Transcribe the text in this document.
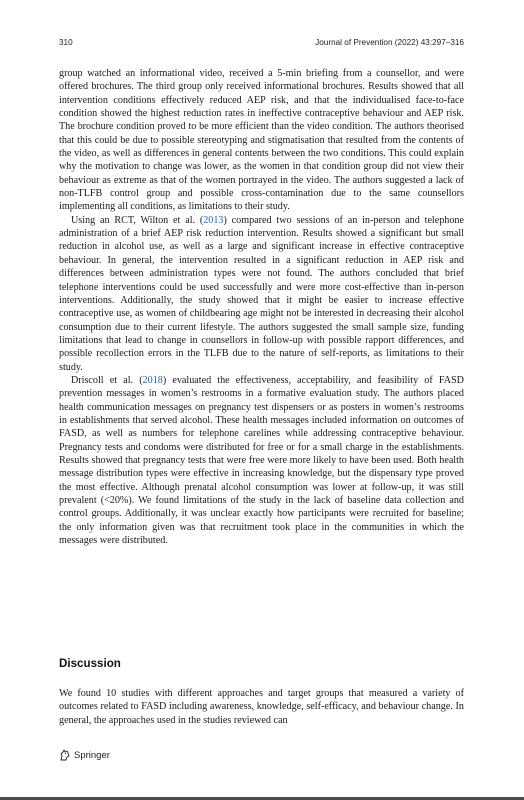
310	Journal of Prevention (2022) 43:297–316

group watched an informational video, received a 5-min briefing from a counsellor, and were offered brochures. The third group only received informational brochures. Results showed that all intervention conditions effectively reduced AEP risk, and that the individualised face-to-face condition showed the highest reduction rates in ineffective contraceptive behaviour and AEP risk. The brochure condition proved to be more efficient than the video condition. The authors theorised that this could be due to possible stereotyping and stigmatisation that resulted from the contents of the video, as well as differences in general contents between the two conditions. This could explain why the motivation to change was lower, as the women in that condition group did not view their behaviour as extreme as that of the women portrayed in the video. The authors suggested a lack of non-TLFB control group and possible cross-contamination due to the same counsellors implementing all conditions, as limitations to their study.

Using an RCT, Wilton et al. (2013) compared two sessions of an in-person and telephone administration of a brief AEP risk reduction intervention. Results showed a significant but small reduction in alcohol use, as well as a large and significant increase in effective contraceptive behaviour. In general, the intervention resulted in a significant reduction in AEP risk and differences between administration types were not found. The authors concluded that brief telephone interventions could be used successfully and were more cost-effective than in-person interventions. Additionally, the study showed that it might be easier to increase effective contraceptive use, as women of childbearing age might not be interested in decreasing their alcohol consumption due to their current lifestyle. The authors suggested the small sample size, funding limitations that lead to change in counsellors in follow-up with possible rapport differences, and possible recollection errors in the TLFB due to the nature of self-reports, as limitations to their study.

Driscoll et al. (2018) evaluated the effectiveness, acceptability, and feasibility of FASD prevention messages in women’s restrooms in a formative evaluation study. The authors placed health communication messages on pregnancy test dispensers or as posters in women’s restrooms in establishments that served alcohol. These health messages included information on outcomes of FASD, as well as numbers for telephone carelines while addressing contraceptive behaviour. Pregnancy tests and condoms were distributed for free or for a small charge in the establishments. Results showed that pregnancy tests that were free were more likely to have been used. Both health message distribution types were effective in increasing knowledge, but the dispensary type proved the most effective. Although prenatal alcohol consumption was lower at follow-up, it was still prevalent (<20%). We found limitations of the study in the lack of baseline data collection and control groups. Additionally, it was unclear exactly how participants were recruited for baseline; the only information given was that recruitment took place in the communities in which the messages were distributed.

Discussion

We found 10 studies with different approaches and target groups that measured a variety of outcomes related to FASD including awareness, knowledge, self-efficacy, and behaviour change. In general, the approaches used in the studies reviewed can

Springer
